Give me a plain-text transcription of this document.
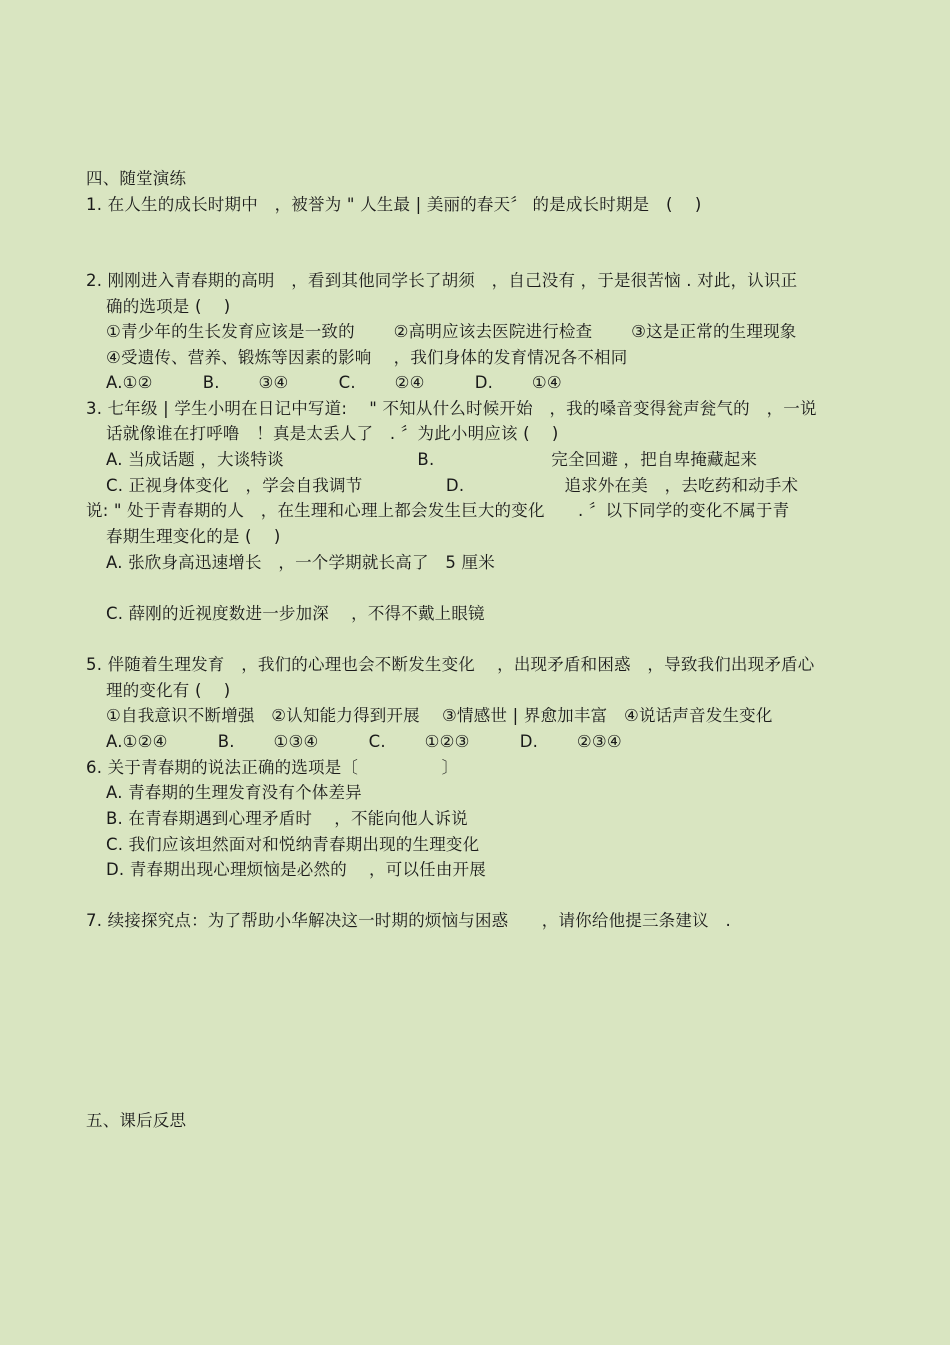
四、随堂演练
1. 在人生的成长时期中　，被誉为 " 人生最 | 美丽的春天〞 的是成长时期是　(　 )
2. 刚刚进入青春期的高明　，看到其他同学长了胡须　，自己没有 ，于是很苦恼 . 对此，认识正
确的选项是 (　 )
①青少年的生长发育应该是一致的　　 ②高明应该去医院进行检查　　 ③这是正常的生理现象
④受遗传、营养、锻炼等因素的影响　 ，我们身体的发育情况各不相同
A.①②　　　B.　　 ③④　　　C.　　 ②④　　　D.　　 ①④
3. 七年级 | 学生小明在日记中写道:　 " 不知从什么时候开始　，我的嗓音变得瓮声瓮气的　，一说
话就像谁在打呼噜　！真是太丢人了　. 〞为此小明应该 (　 )
A. 当成话题 ，大谈特谈　　　　　　　　B.　　　　　　　完全回避 ，把自卑掩藏起来
C. 正视身体变化　，学会自我调节　　　　　D.　　　　　　追求外在美　，去吃药和动手术
说: " 处于青春期的人　，在生理和心理上都会发生巨大的变化　　. 〞以下同学的变化不属于青
春期生理变化的是 (　 )
A. 张欣身高迅速增长　，一个学期就长高了　5 厘米
C. 薛刚的近视度数进一步加深　 ，不得不戴上眼镜
5. 伴随着生理发育　，我们的心理也会不断发生变化　 ，出现矛盾和困惑　，导致我们出现矛盾心
理的变化有 (　 )
①自我意识不断增强　②认知能力得到开展　 ③情感世 | 界愈加丰富　④说话声音发生变化
A.①②④　　　B.　　 ①③④　　　C.　　 ①②③　　　D.　　 ②③④
6. 关于青春期的说法正确的选项是〔　　　　　〕
A. 青春期的生理发育没有个体差异
B. 在青春期遇到心理矛盾时　 ，不能向他人诉说
C. 我们应该坦然面对和悦纳青春期出现的生理变化
D. 青春期出现心理烦恼是必然的　 ，可以任由开展
7. 续接探究点：为了帮助小华解决这一时期的烦恼与困惑　　，请你给他提三条建议　.
五、课后反思
